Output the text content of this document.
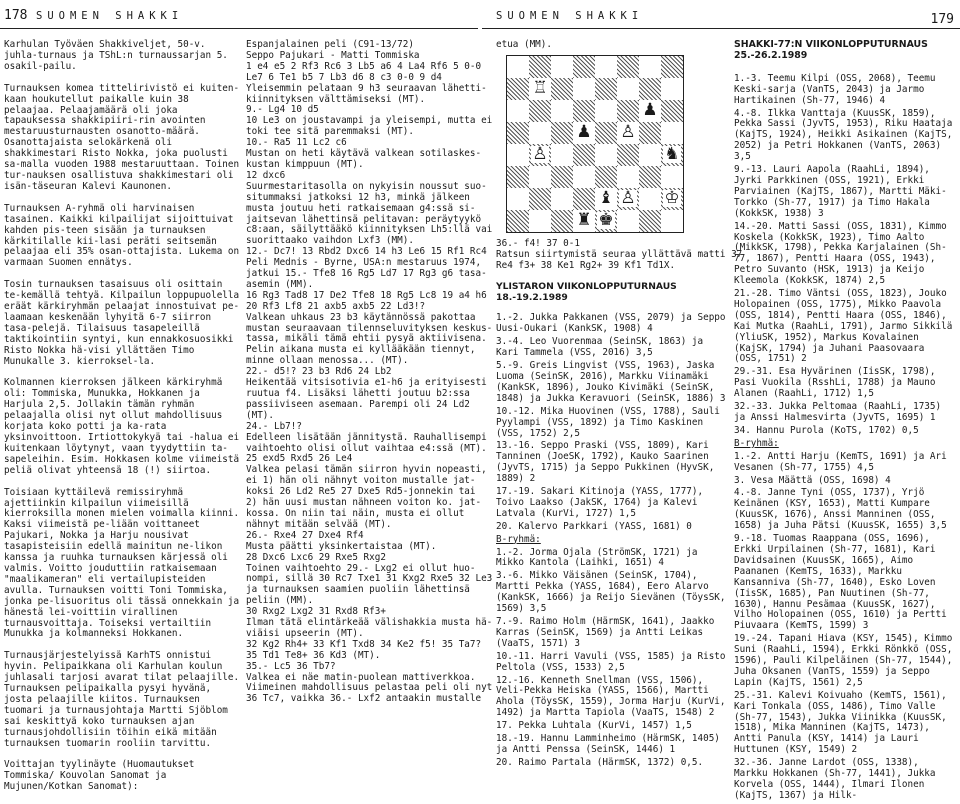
178 SUOMEN SHAKKI

Karhulan Työväen Shakkiveljet, 50-v. juhla-turnaus ja TShL:n turnaussarjan 5. osakil-pailu.

Turnauksen komea tittelirivistö ei kuiten-kaan houkutellut paikalle kuin 38 pelaajaa. Pelaajamäärä oli joka tapauksessa shakkipiiri-rin avointen mestaruusturnausten osanotto-määrä. Osanottajaista selokärkenä oli shakkimestari Risto Nokka, joka puolusti sa-malla vuoden 1988 mestaruuttaan. Toinen tur-nauksen osallistuva shakkimestari oli isän-täseuran Kalevi Kaunonen.

Turnauksen A-ryhmä oli harvinaisen tasainen. Kaikki kilpailijat sijoittuivat kahden pis-teen sisään ja turnauksen kärkitilalle kii-lasi peräti seitsemän pelaajaa eli 35% osan-ottajista. Lukema on varmaan Suomen ennätys.

Tosin turnauksen tasaisuus oli osittain te-kemällä tehtyä. Kilpailun loppupuolella eräät kärkiryhmän pelaajat innostuivat pe-laamaan keskenään lyhyitä 6-7 siirron tasa-pelejä. Tilaisuus tasapeleillä taktikointiin syntyi, kun ennakkosuosikki Risto Nokka hä-visi yllättäen Timo Munukalle 3. kierroksel-la.

Kolmannen kierroksen jälkeen kärkiryhmä oli: Tommiska, Munukka, Hokkanen ja Harjula 2,5. Jollakin tämän ryhmän pelaajalla olisi nyt ollut mahdollisuus korjata koko potti ja ka-rata yksinvoittoon. Irtiottokykyä tai -halua ei kuitenkaan löytynyt, vaan tyydyttiin ta-sapeleihin. Esim. Hokkasen kolme viimeistä peliä olivat yhteensä 18 (!) siirtoa.

Toisiaan kyttäilevä remissiryhmä ajettiinkin kilpailun viimeisillä kierroksilla monen mielen voimalla kiinni. Kaksi viimeistä pe-liään voittaneet Pajukari, Nokka ja Harju nousivat tasapisteisiin edellä mainitun ne-likon kanssa ja ruuhka turnauksen kärjessä oli valmis. Voitto jouduttiin ratkaisemaan "maalikameran" eli vertailupisteiden avulla. Turnauksen voitti Toni Tommiska, jonka pe-lisuoritus oli tässä onnekkain ja hänestä lei-voittiin virallinen turnausvoittaja. Toiseksi vertailtiin Munukka ja kolmanneksi Hokkanen.

Turnausjärjestelyissä KarhTS onnistui hyvin. Pelipaikkana oli Karhulan koulun juhlasali tarjosi avarat tilat pelaajille. Turnauksen pelipaikalla pysyi hyvänä, josta pelaajille kiitos. Turnauksen tuomari ja turnausjohtaja Martti Sjöblom sai keskittyä koko turnauksen ajan turnausjohdollisiin töihin eikä mitään turnauksen tuomarin rooliin tarvittu.

Voittajan tyylinäyte (Huomautukset Tommiska/ Kouvolan Sanomat ja Mujunen/Kotkan Sanomat):

Espanjalainen peli (C91-13/72)
Seppo Pajukari - Matti Tommiska
1 e4 e5 2 Rf3 Rc6 3 Lb5 a6 4 La4 Rf6 5 0-0
Le7 6 Te1 b5 7 Lb3 d6 8 c3 0-0 9 d4
Yleisemmin pelataan 9 h3 seuraavan lähetti-
kiinnityksen välttämiseksi (MT).
9.- Lg4 10 d5
10 Le3 on joustavampi ja yleisempi, mutta ei
toki tee sitä paremmaksi (MT).
10.- Ra5 11 Lc2 c6
Mustan on heti käytävä valkean sotilaskes-
kustan kimppuun (MT).
12 dxc6
Suurmestaritasolla on nykyisin noussut suo-
sitummaksi jatkoksi 12 h3, minkä jälkeen
musta joutuu heti ratkaisemaan g4:ssä si-
jaitsevan lähettinsä pelitavan: peräytyykö
c8:aan, säilyttääkö kiinnityksen Lh5:llä vai
suorittaako vaihdon Lxf3 (MM).
12.- Dc7! 13 Rbd2 Dxc6 14 h3 Le6 15 Rf1 Rc4
Peli Mednis - Byrne, USA:n mestaruus 1974,
jatkui 15.- Tfe8 16 Rg5 Ld7 17 Rg3 g6 tasa-
asemin (MM).
16 Rg3 Tad8 17 De2 Tfe8 18 Rg5 Lc8 19 a4 h6
20 Rf3 Lf8 21 axb5 axb5 22 Ld3!?
Valkean uhkaus 23 b3 käytännössä pakottaa
mustan seuraavaan tilennseluvityksen keskus-
tassa, mikäli tämä ehtii pysyä aktiivisena.
Pelin aikana musta ei kyllääkään tiennyt,
minne ollaan menossa... (MT).
22.- d5!? 23 b3 Rd6 24 Lb2
Heikentää vitsisotivia e1-h6 ja erityisesti
ruutua f4. Lisäksi lähetti joutuu b2:ssa
passiiviseen asemaan. Parempi oli 24 Ld2
(MT).
24.- Lb7!?
Edelleen lisätään jännitystä. Rauhallisempi
vaihtoehto olisi ollut vaihtaa e4:ssä (MT).
25 exd5 Rxd5 26 Le4
Valkea pelasi tämän siirron hyvin nopeasti,
ei 1) hän oli nähnyt voiton mustalle jat-
koksi 26 Ld2 Re5 27 Dxe5 Rd5-jonnekin tai
2) hän uusi mustan nähneen voiton ko. jat-
kossa. On niin tai näin, musta ei ollut
nähnyt mitään selvää (MT).
26.- Rxe4 27 Dxe4 Rf4
Musta päätti yksinkertaistaa (MT).
28 Dxc6 Lxc6 29 Rxe5 Rxg2
Toinen vaihtoehto 29.- Lxg2 ei ollut huo-
nompi, sillä 30 Rc7 Txe1 31 Kxg2 Rxe5 32 Le3
ja turnauksen saamien puoliin lähettinsä
peliin (MM).
30 Rxg2 Lxg2 31 Rxd8 Rf3+
Ilman tätä elintärkeää välishakkia musta hä-
viäisi upseerin (MT).
32 Kg2 Rh4+ 33 Kf1 Txd8 34 Ke2 f5! 35 Ta7?
35 Td1 Te8+ 36 Kd3 (MT).
35.- Lc5 36 Tb7?
Valkea ei näe matin-puolean mattiverkkoa.
Viimeinen mahdollisuus pelastaa peli oli nyt
36 Tc7, vaikka 36.- Lxf2 antaakin mustalle
SUOMEN SHAKKI	179
etua (MM).
♖
♟
♟ ♙
♙	♞
♝ ♙ ♔
♜ ♚
36.- f4! 37 0-1
Ratsun siirtymistä seuraa yllättävä matti 37
Re4 f3+ 38 Ke1 Rg2+ 39 Kf1 Td1X.
YLISTARON VIIKONLOPPUTURNAUS 18.-19.2.1989

1.-2. Jukka Pakkanen (VSS, 2079) ja Seppo Uusi-Oukari (KankSK, 1908) 4

3.-4. Leo Vuorenmaa (SeinSK, 1863) ja Kari Tammela (VSS, 2016) 3,5

5.-9. Greis Lingvist (VSS, 1963), Jaska Luoma (SeinSK, 2016), Markku Viinamäki (KankSK, 1896), Jouko Kivimäki (SeinSK, 1848) ja Jukka Keravuori (SeinSK, 1886) 3

10.-12. Mika Huovinen (VSS, 1788), Sauli Pyylampi (VSS, 1892) ja Timo Kaskinen (VSS, 1752) 2,5

13.-16. Seppo Praski (VSS, 1809), Kari Tanninen (JoeSK, 1792), Kauko Saarinen (JyvTS, 1715) ja Seppo Pukkinen (HyvSK, 1889) 2

17.-19. Sakari Kitinoja (YASS, 1777), Toivo Laakso (JakSK, 1764) ja Kalevi Latvala (KurVi, 1727) 1,5

20. Kalervo Parkkari (YASS, 1681) 0

B-ryhmä:

1.-2. Jorma Ojala (StrömSK, 1721) ja Mikko Kantola (Laihki, 1651) 4

3.-6. Mikko Väisänen (SeinSK, 1704), Martti Pekka (YASS, 1684), Eero Alarvo (KankSK, 1666) ja Reijo Sievänen (TöysSK, 1569) 3,5

7.-9. Raimo Holm (HärmSK, 1641), Jaakko Karras (SeinSK, 1569) ja Antti Leikas (VaaTS, 1571) 3

10.-11. Harri Vavuli (VSS, 1585) ja Risto Peltola (VSS, 1533) 2,5

12.-16. Kenneth Snellman (VSS, 1506), Veli-Pekka Heiska (YASS, 1566), Martti Ahola (TöysSK, 1559), Jorma Harju (KurVi, 1492) ja Martta Tapiola (VaaTS, 1548) 2

17. Pekka Luhtala (KurVi, 1457) 1,5

18.-19. Hannu Lamminheimo (HärmSK, 1405) ja Antti Penssa (SeinSK, 1446) 1

20. Raimo Partala (HärmSK, 1372) 0,5.

SHAKKI-77:N VIIKONLOPPUTURNAUS 25.-26.2.1989

1.-3. Teemu Kilpi (OSS, 2068), Teemu Keski-sarja (VanTS, 2043) ja Jarmo Hartikainen (Sh-77, 1946) 4

4.-8. Ilkka Vanttaja (KuusSK, 1859), Pekka Sassi (JyvTS, 1953), Riku Haataja (KajTS, 1924), Heikki Asikainen (KajTS, 2052) ja Petri Hokkanen (VanTS, 2063) 3,5

9.-13. Lauri Aapola (RaahLi, 1894), Jyrki Parkkinen (OSS, 1921), Erkki Parviainen (KajTS, 1867), Martti Mäki-Torkko (Sh-77, 1917) ja Timo Hakala (KokkSK, 1938) 3

14.-20. Matti Sassi (OSS, 1831), Kimmo Koskela (KokkSK, 1923), Timo Aalto (MikkSK, 1798), Pekka Karjalainen (Sh-77, 1867), Pentti Haara (OSS, 1943), Petro Suvanto (HSK, 1913) ja Keijo Kleemola (KokkSK, 1874) 2,5

21.-28. Timo Väntsi (OSS, 1823), Jouko Holopainen (OSS, 1775), Mikko Paavola (OSS, 1814), Pentti Haara (OSS, 1846), Kai Mutka (RaahLi, 1791), Jarmo Sikkilä (YliuSK, 1952), Markus Kovalainen (KajSK, 1794) ja Juhani Paasovaara (OSS, 1751) 2

29.-31. Esa Hyvärinen (IisSK, 1798), Pasi Vuokila (RsshLi, 1788) ja Mauno Alanen (RaahLi, 1712) 1,5

32.-33. Jukka Peltomaa (RaahLi, 1735) ja Anssi Halmesvirta (JyvTS, 1695) 1

34. Hannu Purola (KoTS, 1702) 0,5

B-ryhmä:

1.-2. Antti Harju (KemTS, 1691) ja Ari Vesanen (Sh-77, 1755) 4,5

3. Vesa Määttä (OSS, 1698) 4

4.-8. Janne Tyni (OSS, 1737), Yrjö Keinänen (KSY, 1653), Matti Kumpare (KuusSK, 1676), Anssi Manninen (OSS, 1658) ja Juha Pätsi (KuusSK, 1655) 3,5

9.-18. Tuomas Raappana (OSS, 1696), Erkki Urpilainen (Sh-77, 1681), Kari Davidsainen (KuusSK, 1665), Aimo Paananen (KemTS, 1633), Markku Kansanniva (Sh-77, 1640), Esko Loven (IisSK, 1685), Pan Nuutinen (Sh-77, 1630), Hannu Pesämaa (KuusSK, 1627), Vilho Holopainen (OSS, 1610) ja Pertti Piuvaara (KemTS, 1599) 3

19.-24. Tapani Hiava (KSY, 1545), Kimmo Suni (RaahLi, 1594), Erkki Rönkkö (OSS, 1596), Pauli Kilpeläinen (Sh-77, 1544), Juha Oksanen (VanTS, 1559) ja Seppo Lapin (KajTS, 1561) 2,5

25.-31. Kalevi Koivuaho (KemTS, 1561), Kari Tonkala (OSS, 1486), Timo Valle (Sh-77, 1543), Jukka Viinikka (KuusSK, 1518), Mika Manninen (KajTS, 1473), Antti Panula (KSY, 1414) ja Lauri Huttunen (KSY, 1549) 2

32.-36. Janne Lardot (OSS, 1338), Markku Hokkanen (Sh-77, 1441), Jukka Korvela (OSS, 1444), Ilmari Ilonen (KajTS, 1367) ja Hilk-
